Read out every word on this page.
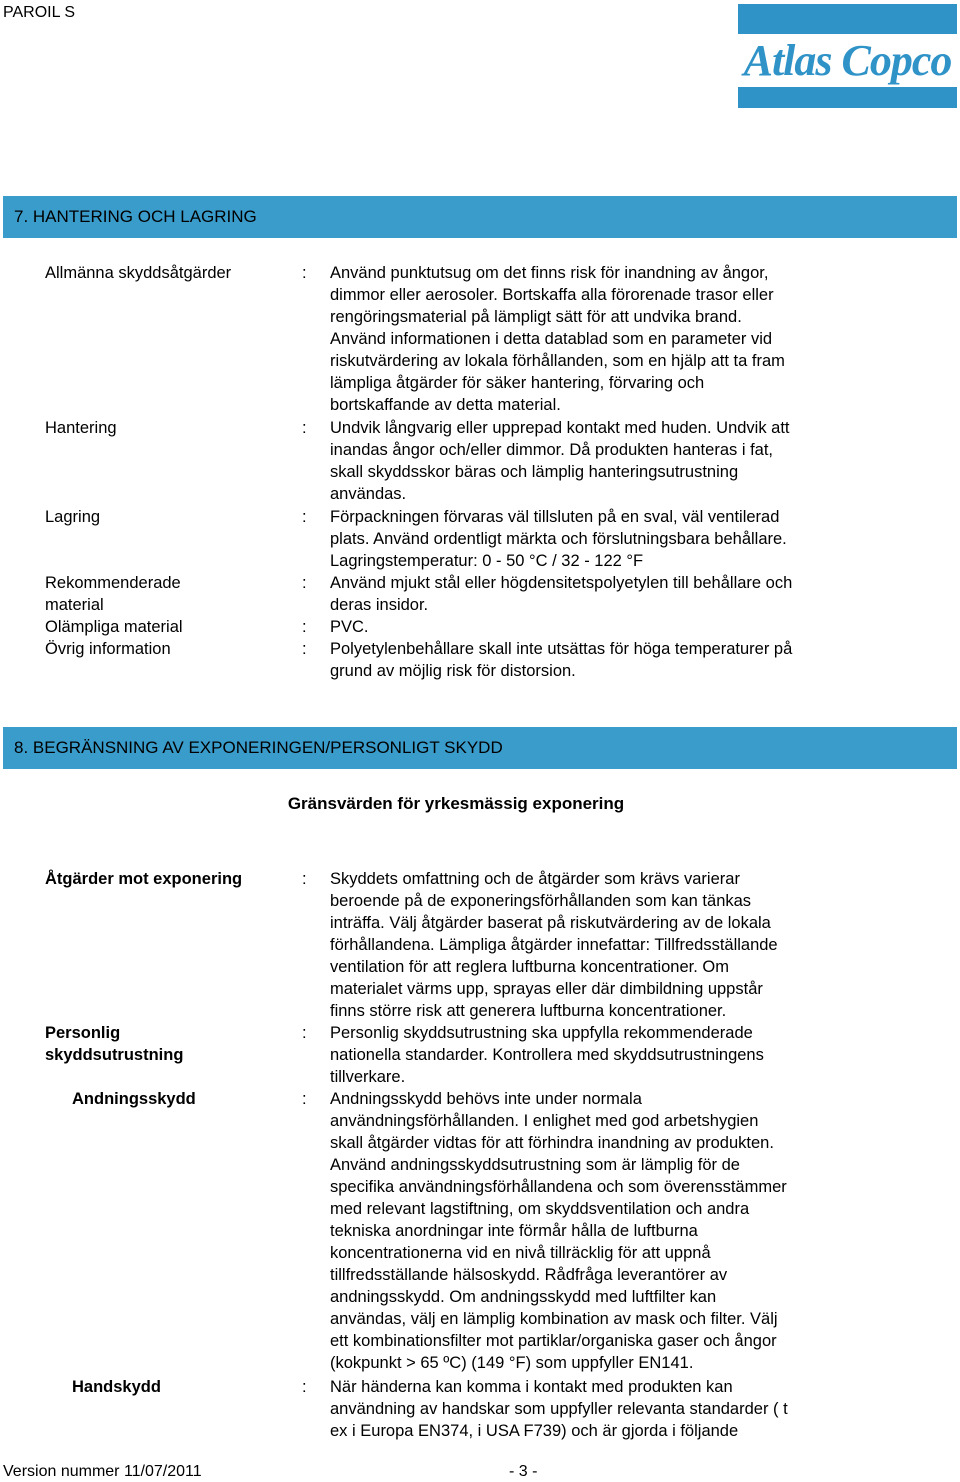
PAROIL S
Atlas Copco
7. HANTERING OCH LAGRING
Allmänna skyddsåtgärder	: Använd punktutsug om det finns risk för inandning av ångor,
dimmor eller aerosoler. Bortskaffa alla förorenade trasor eller
rengöringsmaterial på lämpligt sätt för att undvika brand.
Använd informationen i detta datablad som en parameter vid
riskutvärdering av lokala förhållanden, som en hjälp att ta fram
lämpliga åtgärder för säker hantering, förvaring och
bortskaffande av detta material.
Hantering	: Undvik långvarig eller upprepad kontakt med huden. Undvik att
inandas ångor och/eller dimmor. Då produkten hanteras i fat,
skall skyddsskor bäras och lämplig hanteringsutrustning
användas.
Lagring	: Förpackningen förvaras väl tillsluten på en sval, väl ventilerad
plats. Använd ordentligt märkta och förslutningsbara behållare.
Lagringstemperatur: 0 - 50 °C / 32 - 122 °F
Rekommenderade
material
: Använd mjukt stål eller högdensitetspolyetylen till behållare och
deras insidor.
Olämpliga material	: PVC.
Övrig information	: Polyetylenbehållare skall inte utsättas för höga temperaturer på
grund av möjlig risk för distorsion.
8. BEGRÄNSNING AV EXPONERINGEN/PERSONLIGT SKYDD
Gränsvärden för yrkesmässig exponering
Åtgärder mot exponering	: Skyddets omfattning och de åtgärder som krävs varierar
beroende på de exponeringsförhållanden som kan tänkas
inträffa. Välj åtgärder baserat på riskutvärdering av de lokala
förhållandena. Lämpliga åtgärder innefattar: Tillfredsställande
ventilation för att reglera luftburna koncentrationer. Om
materialet värms upp, sprayas eller där dimbildning uppstår
finns större risk att generera luftburna koncentrationer.
Personlig
skyddsutrustning
: Personlig skyddsutrustning ska uppfylla rekommenderade
nationella standarder. Kontrollera med skyddsutrustningens
tillverkare.
Andningsskydd	: Andningsskydd behövs inte under normala
användningsförhållanden. I enlighet med god arbetshygien
skall åtgärder vidtas för att förhindra inandning av produkten.
Använd andningsskyddsutrustning som är lämplig för de
specifika användningsförhållandena och som överensstämmer
med relevant lagstiftning, om skyddsventilation och andra
tekniska anordningar inte förmår hålla de luftburna
koncentrationerna vid en nivå tillräcklig för att uppnå
tillfredsställande hälsoskydd. Rådfråga leverantörer av
andningsskydd. Om andningsskydd med luftfilter kan
användas, välj en lämplig kombination av mask och filter. Välj
ett kombinationsfilter mot partiklar/organiska gaser och ångor
(kokpunkt > 65 ºC) (149 °F) som uppfyller EN141.
Handskydd	: När händerna kan komma i kontakt med produkten kan
användning av handskar som uppfyller relevanta standarder ( t
ex i Europa EN374, i USA F739) och är gjorda i följande
Version nummer 11/07/2011	- 3 -
